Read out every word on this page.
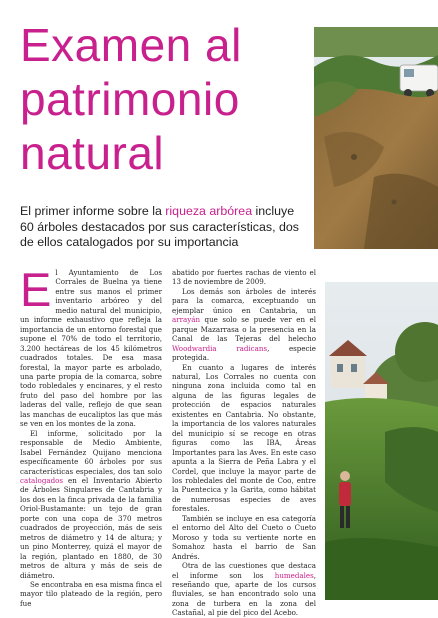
Examen al
patrimonio
natural
El primer informe sobre la riqueza arbórea incluye
60 árboles destacados por sus características, dos
de ellos catalogados por su importancia

El Ayuntamiento de Los Corrales de Buelna ya tiene entre sus manos el primer inventario arbóreo y del medio natural del municipio, un informe exhaustivo que refleja la importancia de un entorno forestal que supone el 70% de todo el territorio, 3.200 hectáreas de los 45 kilómetros cuadrados totales. De esa masa forestal, la mayor parte es arbolado, una parte propia de la comarca, sobre todo robledales y encinares, y el resto fruto del paso del hombre por las laderas del valle, reflejo de que sean las manchas de eucaliptos las que más se ven en los montes de la zona.

El informe, solicitado por la responsable de Medio Ambiente, Isabel Fernández Quijano menciona específicamente 60 árboles por sus características especiales, dos tan solo catalogados en el Inventario Abierto de Árboles Singulares de Cantabria y los dos en la finca privada de la familia Oriol-Bustamante: un tejo de gran porte con una copa de 370 metros cuadrados de proyección, más de seis metros de diámetro y 14 de altura; y un pino Monterrey, quizá el mayor de la región, plantado en 1880, de 30 metros de altura y más de seis de diámetro.

Se encontraba en esa misma finca el mayor tilo plateado de la región, pero fue

abatido por fuertes rachas de viento el 13 de noviembre de 2009.

Los demás son árboles de interés para la comarca, exceptuando un ejemplar único en Cantabria, un arrayán que solo se puede ver en el parque Mazarrasa o la presencia en la Canal de las Tejeras del helecho Woodwardia radicans, especie protegida.

En cuanto a lugares de interés natural, Los Corrales no cuenta con ninguna zona incluida como tal en alguna de las figuras legales de protección de espacios naturales existentes en Cantabria. No obstante, la importancia de los valores naturales del municipio sí se recoge en otras figuras como las IBA, Áreas Importantes para las Aves. En este caso apunta a la Sierra de Peña Labra y el Cordel, que incluye la mayor parte de los robledales del monte de Coo, entre la Puentecica y la Garita, como hábitat de numerosas especies de aves forestales.

También se incluye en esa categoría el entorno del Alto del Cueto o Cueto Moroso y toda su vertiente norte en Somahoz hasta el barrio de San Andrés.

Otra de las cuestiones que destaca el informe son los humedales, reseñando que, aparte de los cursos fluviales, se han encontrado solo una zona de turbera en la zona del Castañal, al pie del pico del Acebo.
